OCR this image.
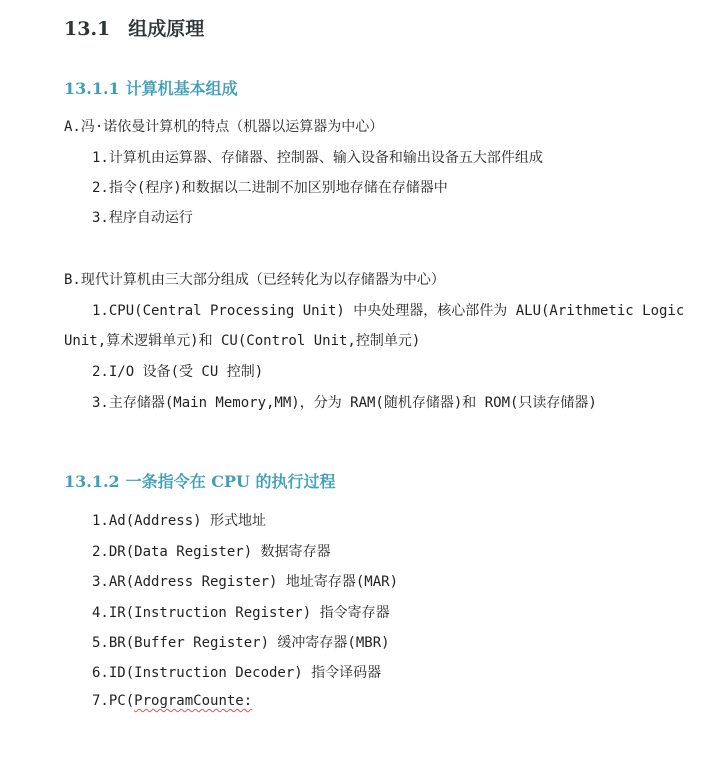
13.1 组成原理
13.1.1 计算机基本组成
A.冯·诺依曼计算机的特点（机器以运算器为中心）
1.计算机由运算器、存储器、控制器、输入设备和输出设备五大部件组成
2.指令(程序)和数据以二进制不加区别地存储在存储器中
3.程序自动运行
B.现代计算机由三大部分组成（已经转化为以存储器为中心）
1.CPU(Central Processing Unit) 中央处理器，核心部件为 ALU(Arithmetic Logic
Unit,算术逻辑单元)和 CU(Control Unit,控制单元)
2.I/O 设备(受 CU 控制)
3.主存储器(Main Memory,MM)，分为 RAM(随机存储器)和 ROM(只读存储器)
13.1.2 一条指令在 CPU 的执行过程
1.Ad(Address) 形式地址
2.DR(Data Register) 数据寄存器
3.AR(Address Register) 地址寄存器(MAR)
4.IR(Instruction Register) 指令寄存器
5.BR(Buffer Register) 缓冲寄存器(MBR)
6.ID(Instruction Decoder) 指令译码器
7.PC(ProgramCounte:
